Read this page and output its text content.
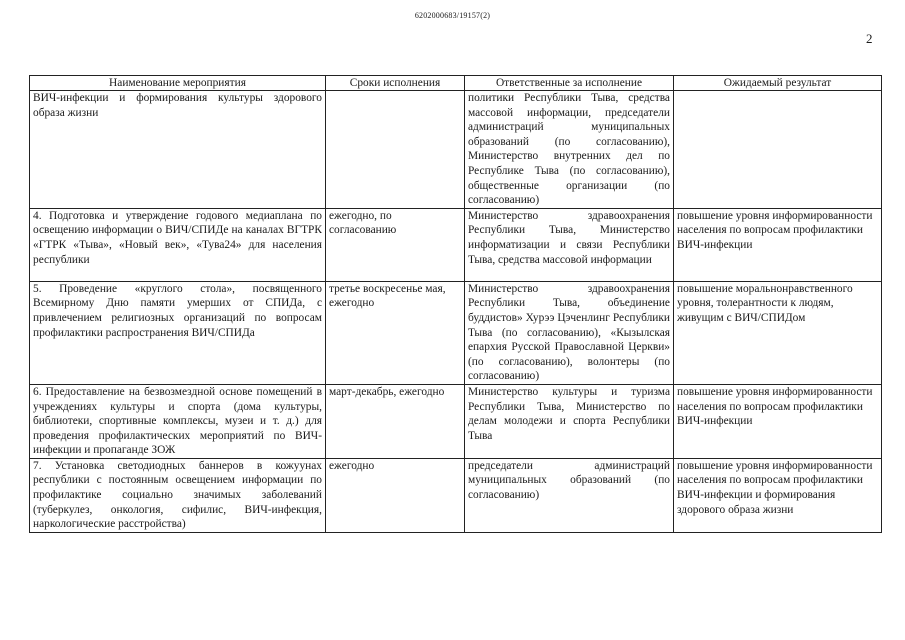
6202000683/19157(2)
2
Наименование мероприятия	Сроки исполнения	Ответственные за исполнение	Ожидаемый результат
ВИЧ-инфекции и формирования культуры здорового образа жизни		политики Республики Тыва, средства массовой информации, председатели администраций муниципальных образований (по согласованию), Министерство внутренних дел по Республике Тыва (по согласованию), общественные организации (по согласованию)	
4. Подготовка и утверждение годового медиаплана по освещению информации о ВИЧ/СПИДе на каналах ВГТРК «ГТРК «Тыва», «Новый век», «Тува24» для населения республики	ежегодно, по согласованию	Министерство здравоохранения Республики Тыва, Министерство информатизации и связи Республики Тыва, средства массовой информации	повышение уровня информированности населения по вопросам профилактики ВИЧ-инфекции
5. Проведение «круглого стола», посвященного Всемирному Дню памяти умерших от СПИДа, с привлечением религиозных организаций по вопросам профилактики распространения ВИЧ/СПИДа	третье воскресенье мая, ежегодно	Министерство здравоохранения Республики Тыва, объединение буддистов» Хурээ Цэченлинг Республики Тыва (по согласованию), «Кызылская епархия Русской Православной Церкви» (по согласованию), волонтеры (по согласованию)	повышение моральнонравственного уровня, толерантности к людям, живущим с ВИЧ/СПИДом
6. Предоставление на безвозмездной основе помещений в учреждениях культуры и спорта (дома культуры, библиотеки, спортивные комплексы, музеи и т. д.) для проведения профилактических мероприятий по ВИЧ-инфекции и пропаганде ЗОЖ	март-декабрь, ежегодно	Министерство культуры и туризма Республики Тыва, Министерство по делам молодежи и спорта Республики Тыва	повышение уровня информированности населения по вопросам профилактики ВИЧ-инфекции
7. Установка светодиодных баннеров в кожуунах республики с постоянным освещением информации по профилактике социально значимых заболеваний (туберкулез, онкология, сифилис, ВИЧ-инфекция, наркологические расстройства)	ежегодно	председатели администраций муниципальных образований (по согласованию)	повышение уровня информированности населения по вопросам профилактики ВИЧ-инфекции и формирования здорового образа жизни
